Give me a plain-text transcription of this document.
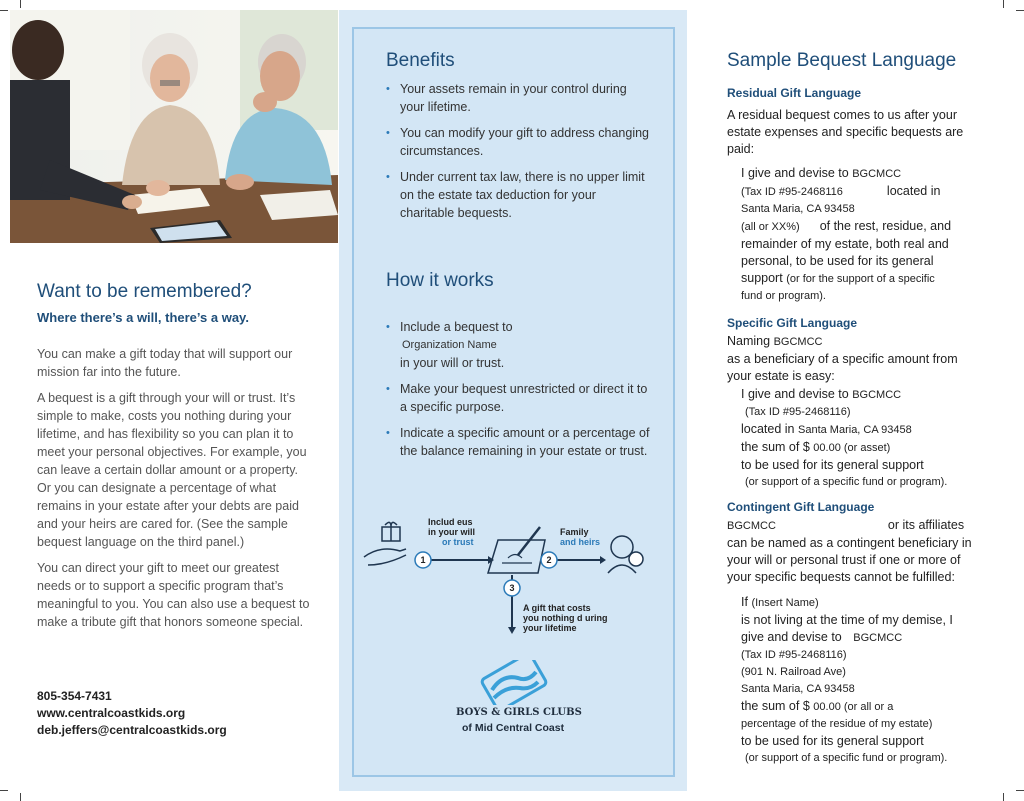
Want to be remembered?
Where there’s a will, there’s a way.

You can make a gift today that will support our mission far into the future.

A bequest is a gift through your will or trust. It’s simple to make, costs you nothing during your lifetime, and has flexibility so you can plan it to meet your personal objectives. For example, you can leave a certain dollar amount or a property. Or you can designate a percentage of what remains in your estate after your debts are paid and your heirs are cared for. (See the sample bequest language on the third panel.)

You can direct your gift to meet our greatest needs or to support a specific program that’s meaningful to you. You can also use a bequest to make a tribute gift that honors someone special.

805-354-7431
www.centralcoastkids.org
deb.jeffers@centralcoastkids.org
Benefits
• Your assets remain in your control during your lifetime.
• You can modify your gift to address changing circumstances.
• Under current tax law, there is no upper limit on the estate tax deduction for your charitable bequests.
How it works
• Include a bequest to
Organization Name
in your will or trust.
• Make your bequest unrestricted or direct it to a specific purpose.
• Indicate a specific amount or a percentage of the balance remaining in your estate or trust.
1	2
3
Includ eus
in your will
or trust
Family
and heirs
A gift that costs
you nothing d uring
your lifetime
BOYS & GIRLS CLUBS
of Mid Central Coast
Sample Bequest Language
Residual Gift Language
A residual bequest comes to us after your estate expenses and specific bequests are paid:
I give and devise to BGCMCC
(Tax ID #95-2468116	located in
Santa Maria, CA 93458
(all or XX%) of the rest, residue, and
remainder of my estate, both real and
personal, to be used for its general
support (or for the support of a specific
fund or program).
Specific Gift Language
Naming BGCMCC
as a beneficiary of a specific amount from
your estate is easy:
I give and devise to BGCMCC
(Tax ID #95-2468116)
located in Santa Maria, CA 93458
the sum of $ 00.00 (or asset)
to be used for its general support
(or support of a specific fund or program).
Contingent Gift Language
BGCMCC	or its affiliates
can be named as a contingent beneficiary in
your will or personal trust if one or more of
your specific bequests cannot be fulfilled:
If (Insert Name)
is not living at the time of my demise, I
give and devise to BGCMCC
(Tax ID #95-2468116)
(901 N. Railroad Ave)
Santa Maria, CA 93458
the sum of $ 00.00 (or all or a
percentage of the residue of my estate)
to be used for its general support
(or support of a specific fund or program).
